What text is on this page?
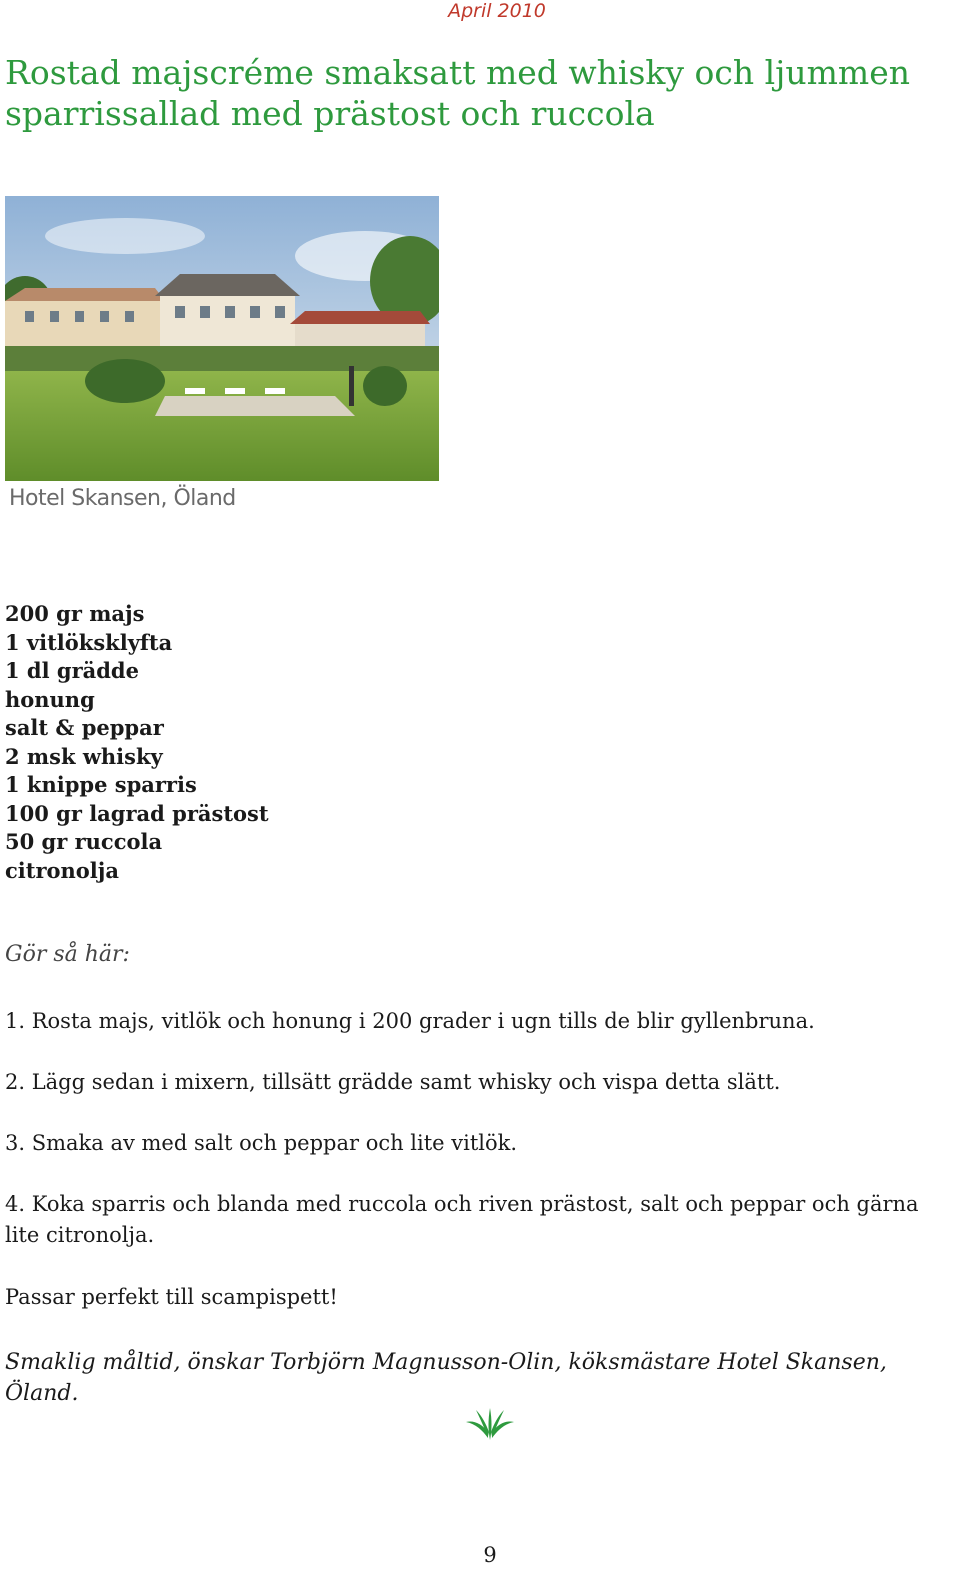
April 2010
Rostad majscréme smaksatt med whisky och ljummen sparrissallad med prästost och ruccola
Hotel Skansen, Öland
200 gr majs
1 vitlöksklyfta
1 dl grädde
honung
salt & peppar
2 msk whisky
1 knippe sparris
100 gr lagrad prästost
50 gr ruccola
citronolja
Gör så här:
1. Rosta majs, vitlök och honung i 200 grader i ugn tills de blir gyllenbruna.
2. Lägg sedan i mixern, tillsätt grädde samt whisky och vispa detta slätt.
3. Smaka av med salt och peppar och lite vitlök.
4. Koka sparris och blanda med ruccola och riven prästost, salt och peppar och gärna lite citronolja.
Passar perfekt till scampispett!
Smaklig måltid, önskar Torbjörn Magnusson-Olin, köksmästare Hotel Skansen, Öland.
9
